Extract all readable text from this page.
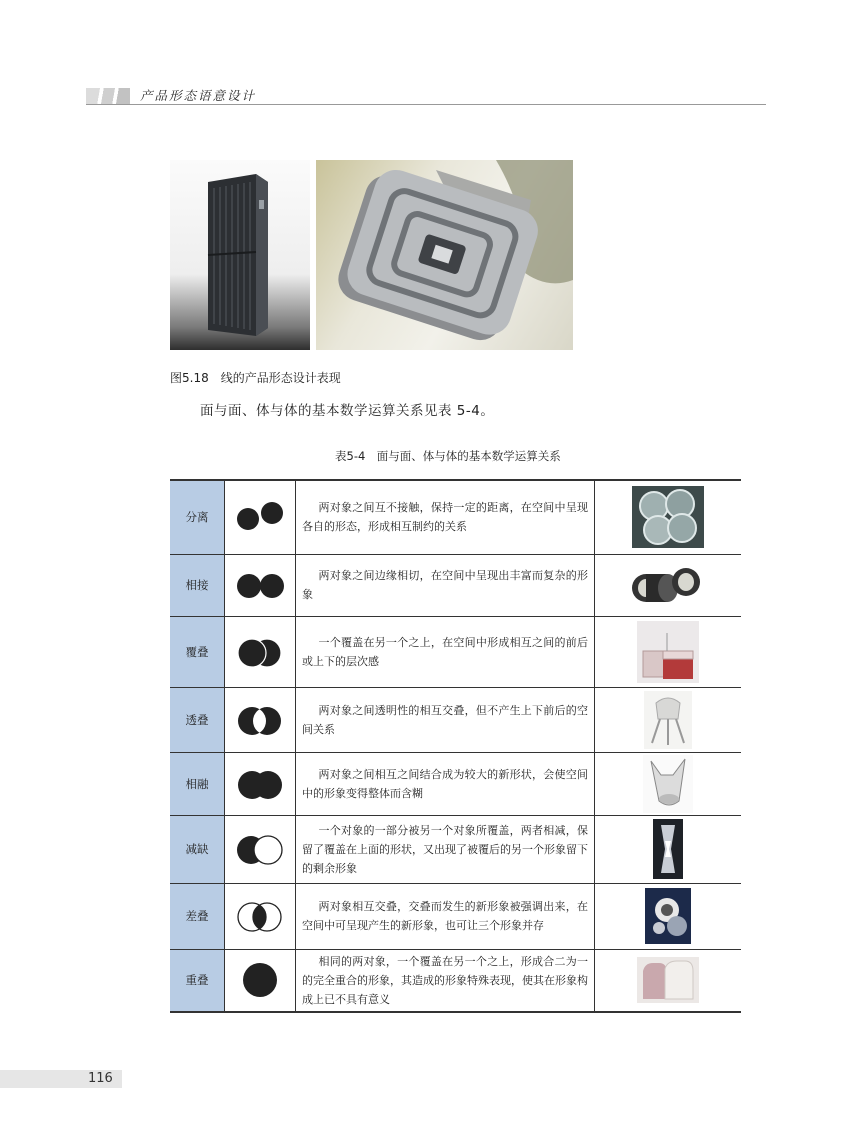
产品形态语意设计
图5.18　线的产品形态设计表现
面与面、体与体的基本数学运算关系见表 5-4。
表5-4　面与面、体与体的基本数学运算关系
分离		两对象之间互不接触，保持一定的距离，在空间中呈现各自的形态，形成相互制约的关系	

相接		两对象之间边缘相切，在空间中呈现出丰富而复杂的形象	

覆叠		一个覆盖在另一个之上，在空间中形成相互之间的前后或上下的层次感	

透叠		两对象之间透明性的相互交叠，但不产生上下前后的空间关系	

相融		两对象之间相互之间结合成为较大的新形状，会使空间中的形象变得整体而含糊	

减缺		一个对象的一部分被另一个对象所覆盖，两者相减，保留了覆盖在上面的形状，又出现了被覆后的另一个形象留下的剩余形象	

差叠		两对象相互交叠，交叠而发生的新形象被强调出来，在空间中可呈现产生的新形象，也可让三个形象并存	

重叠		相同的两对象，一个覆盖在另一个之上，形成合二为一的完全重合的形象，其造成的形象特殊表现，使其在形象构成上已不具有意义	
116
